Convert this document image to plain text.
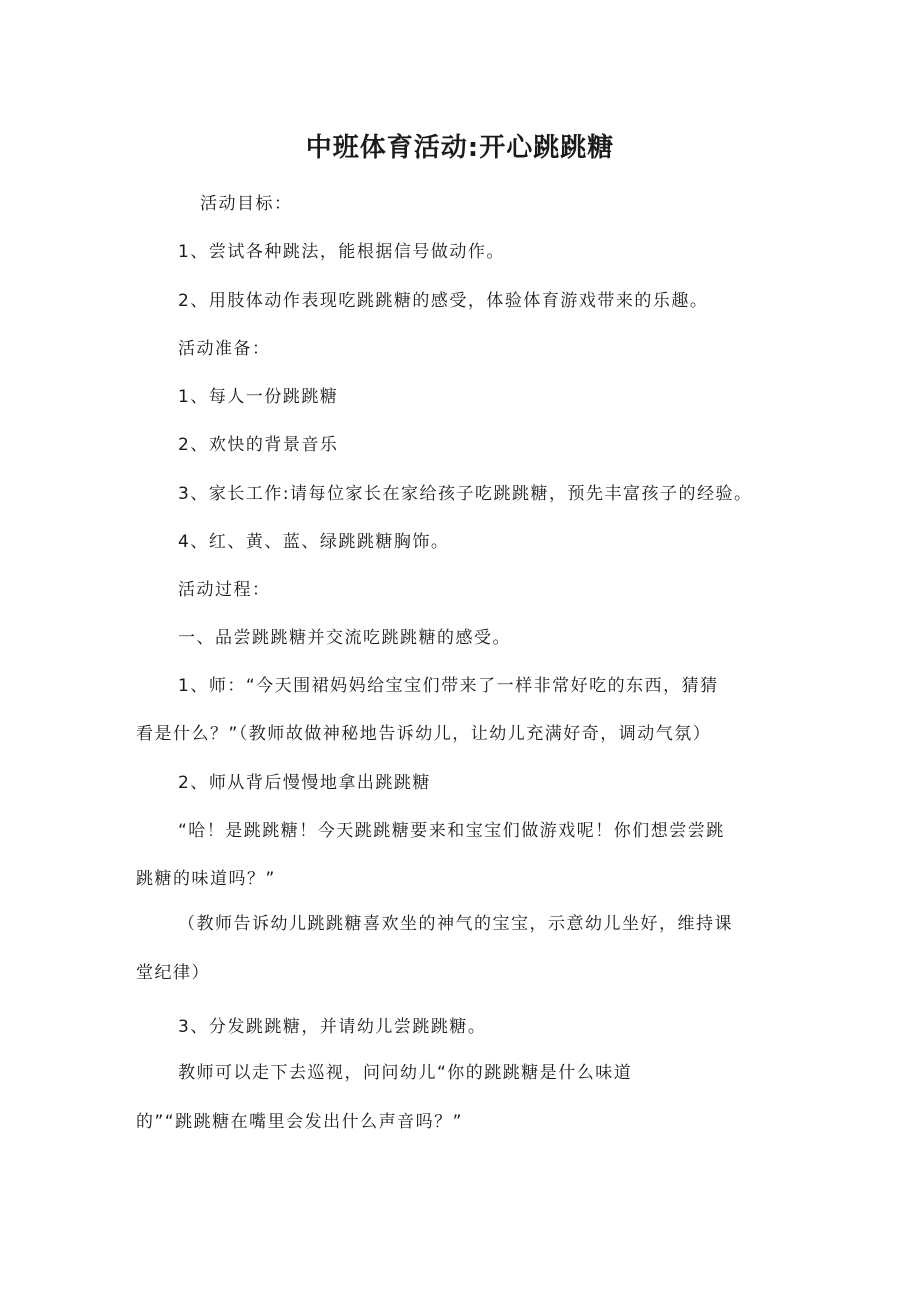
中班体育活动:开心跳跳糖
活动目标：
1、尝试各种跳法，能根据信号做动作。
2、用肢体动作表现吃跳跳糖的感受，体验体育游戏带来的乐趣。
活动准备：
1、每人一份跳跳糖
2、欢快的背景音乐
3、家长工作:请每位家长在家给孩子吃跳跳糖，预先丰富孩子的经验。
4、红、黄、蓝、绿跳跳糖胸饰。
活动过程：
一、品尝跳跳糖并交流吃跳跳糖的感受。
1、师：“今天围裙妈妈给宝宝们带来了一样非常好吃的东西，猜猜
看是什么？”（教师故做神秘地告诉幼儿，让幼儿充满好奇，调动气氛）
2、师从背后慢慢地拿出跳跳糖
“哈！是跳跳糖！今天跳跳糖要来和宝宝们做游戏呢！你们想尝尝跳
跳糖的味道吗？”
（教师告诉幼儿跳跳糖喜欢坐的神气的宝宝，示意幼儿坐好，维持课
堂纪律）
3、分发跳跳糖，并请幼儿尝跳跳糖。
教师可以走下去巡视，问问幼儿“你的跳跳糖是什么味道
的”“跳跳糖在嘴里会发出什么声音吗？”
